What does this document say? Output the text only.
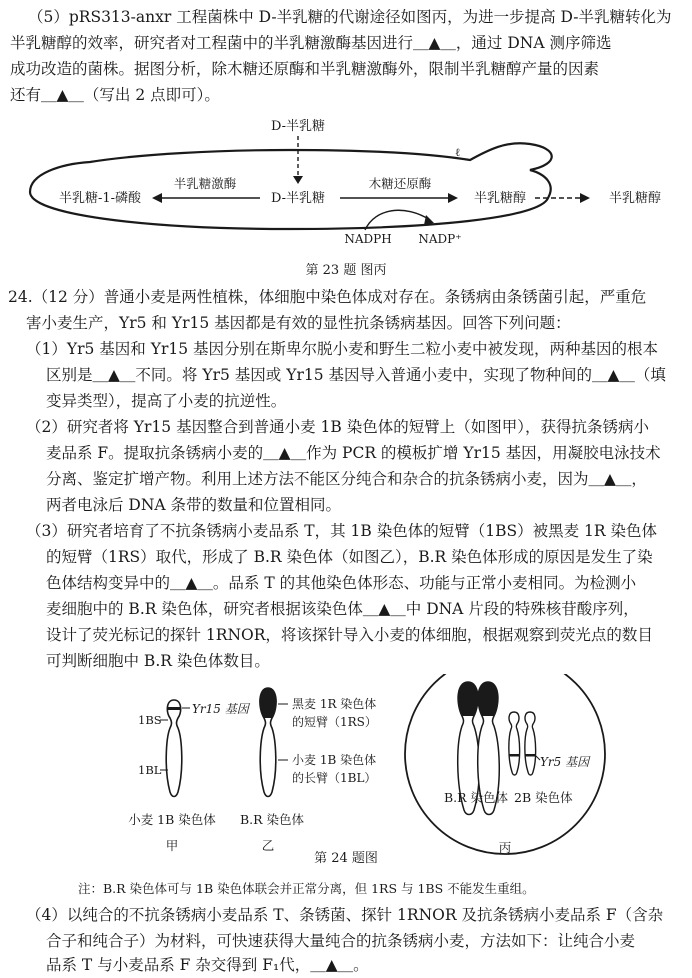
（5）pRS313-anxr 工程菌株中 D-半乳糖的代谢途径如图丙，为进一步提高 D-半乳糖转化为
半乳糖醇的效率，研究者对工程菌中的半乳糖激酶基因进行＿▲＿，通过 DNA 测序筛选
成功改造的菌株。据图分析，除木糖还原酶和半乳糖激酶外，限制半乳糖醇产量的因素
还有＿▲＿（写出 2 点即可）。
ℓ
D-半乳糖
D-半乳糖
半乳糖激酶
半乳糖-1-磷酸
木糖还原酶
半乳糖醇	半乳糖醇
NADPH NADP⁺
第 23 题 图丙
24.（12 分）普通小麦是两性植株，体细胞中染色体成对存在。条锈病由条锈菌引起，严重危
害小麦生产，Yr5 和 Yr15 基因都是有效的显性抗条锈病基因。回答下列问题：
（1）Yr5 基因和 Yr15 基因分别在斯卑尔脱小麦和野生二粒小麦中被发现，两种基因的根本
区别是＿▲＿不同。将 Yr5 基因或 Yr15 基因导入普通小麦中，实现了物种间的＿▲＿（填
变异类型），提高了小麦的抗逆性。
（2）研究者将 Yr15 基因整合到普通小麦 1B 染色体的短臂上（如图甲），获得抗条锈病小
麦品系 F。提取抗条锈病小麦的＿▲＿作为 PCR 的模板扩增 Yr15 基因，用凝胶电泳技术
分离、鉴定扩增产物。利用上述方法不能区分纯合和杂合的抗条锈病小麦，因为＿▲＿，
两者电泳后 DNA 条带的数量和位置相同。
（3）研究者培育了不抗条锈病小麦品系 T，其 1B 染色体的短臂（1BS）被黑麦 1R 染色体
的短臂（1RS）取代，形成了 B.R 染色体（如图乙），B.R 染色体形成的原因是发生了染
色体结构变异中的＿▲＿。品系 T 的其他染色体形态、功能与正常小麦相同。为检测小
麦细胞中的 B.R 染色体，研究者根据该染色体＿▲＿中 DNA 片段的特殊核苷酸序列，
设计了荧光标记的探针 1RNOR，将该探针导入小麦的体细胞，根据观察到荧光点的数目
可判断细胞中 B.R 染色体数目。
Yr15 基因
1BS
1BL
小麦 1B 染色体
甲
黑麦 1R 染色体
的短臂（1RS）
小麦 1B 染色体
的长臂（1BL）
B.R 染色体
乙
Yr5 基因
B.R 染色体 2B 染色体
丙
第 24 题图
注：B.R 染色体可与 1B 染色体联会并正常分离，但 1RS 与 1BS 不能发生重组。
（4）以纯合的不抗条锈病小麦品系 T、条锈菌、探针 1RNOR 及抗条锈病小麦品系 F（含杂
合子和纯合子）为材料，可快速获得大量纯合的抗条锈病小麦，方法如下：让纯合小麦
品系 T 与小麦品系 F 杂交得到 F₁代，＿▲＿。
